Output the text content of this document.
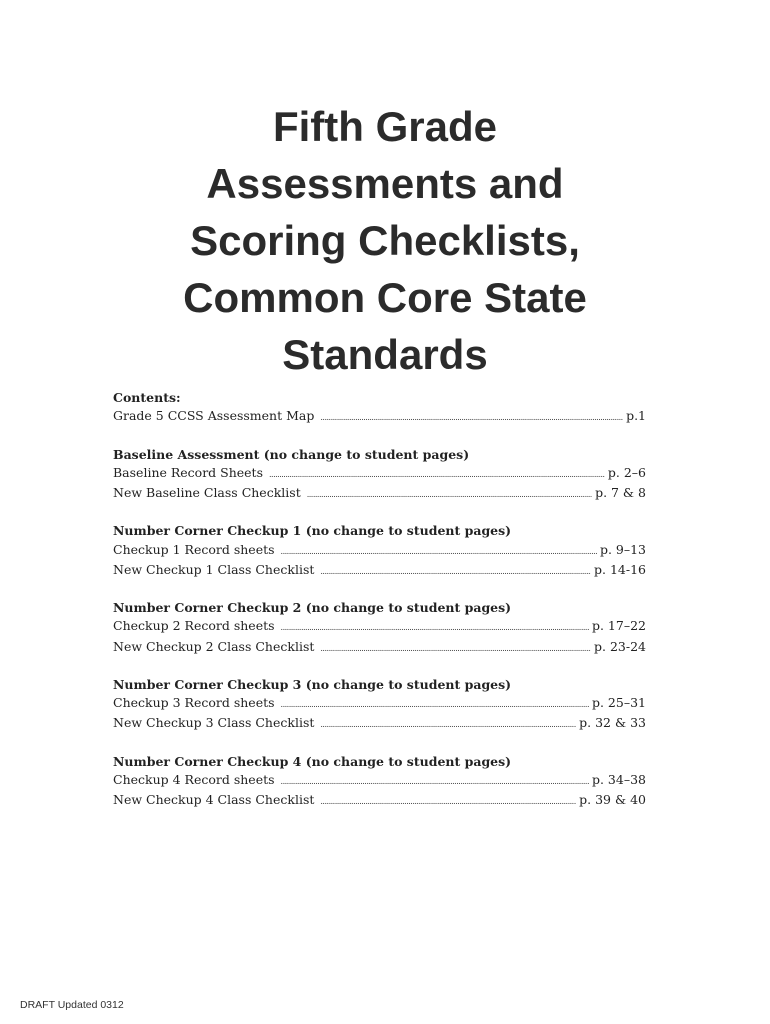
Fifth Grade
Assessments and
Scoring Checklists,
Common Core State
Standards
Contents:
Grade 5 CCSS Assessment Map .....	p.1
Baseline Assessment (no change to student pages)
Baseline Record Sheets .....	p. 2–6
New Baseline Class Checklist .....	p. 7 & 8
Number Corner Checkup 1 (no change to student pages)
Checkup 1 Record sheets .....	p. 9–13
New Checkup 1 Class Checklist .....	p. 14-16
Number Corner Checkup 2 (no change to student pages)
Checkup 2 Record sheets .....	p. 17–22
New Checkup 2 Class Checklist .....	p. 23-24
Number Corner Checkup 3 (no change to student pages)
Checkup 3 Record sheets .....	p. 25–31
New Checkup 3 Class Checklist .....	p. 32 & 33
Number Corner Checkup 4 (no change to student pages)
Checkup 4 Record sheets .....	p. 34–38
New Checkup 4 Class Checklist .....	p. 39 & 40
DRAFT Updated 0312
